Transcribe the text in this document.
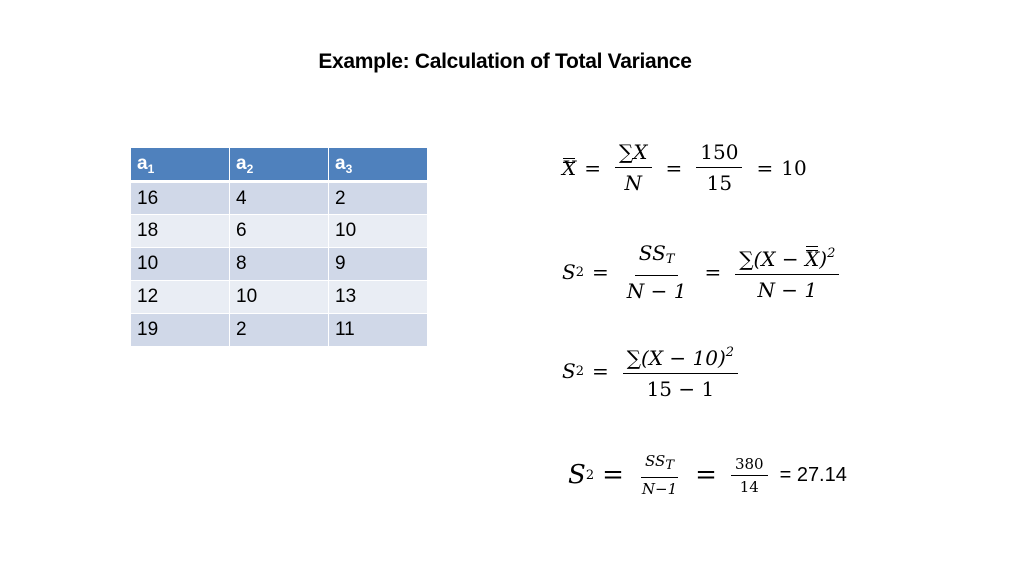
Example: Calculation of Total Variance
$a_1$	$a_2$	$a_3$
16	4	2
18	6	10
10	8	9
12	10	13
19	2	11
$X = \frac{\sum X}{N} = \frac{150}{15} = 10$
S $2 = \frac{SS_T}{N - 1} = \frac{\sum(X - X)^2}{N - 1}$
S $2 = \frac{\sum(X - 10)^2}{15 - 1}$
S $2 = \frac{SS_T}{N-1} = \frac{380}{14} = 27.14$
